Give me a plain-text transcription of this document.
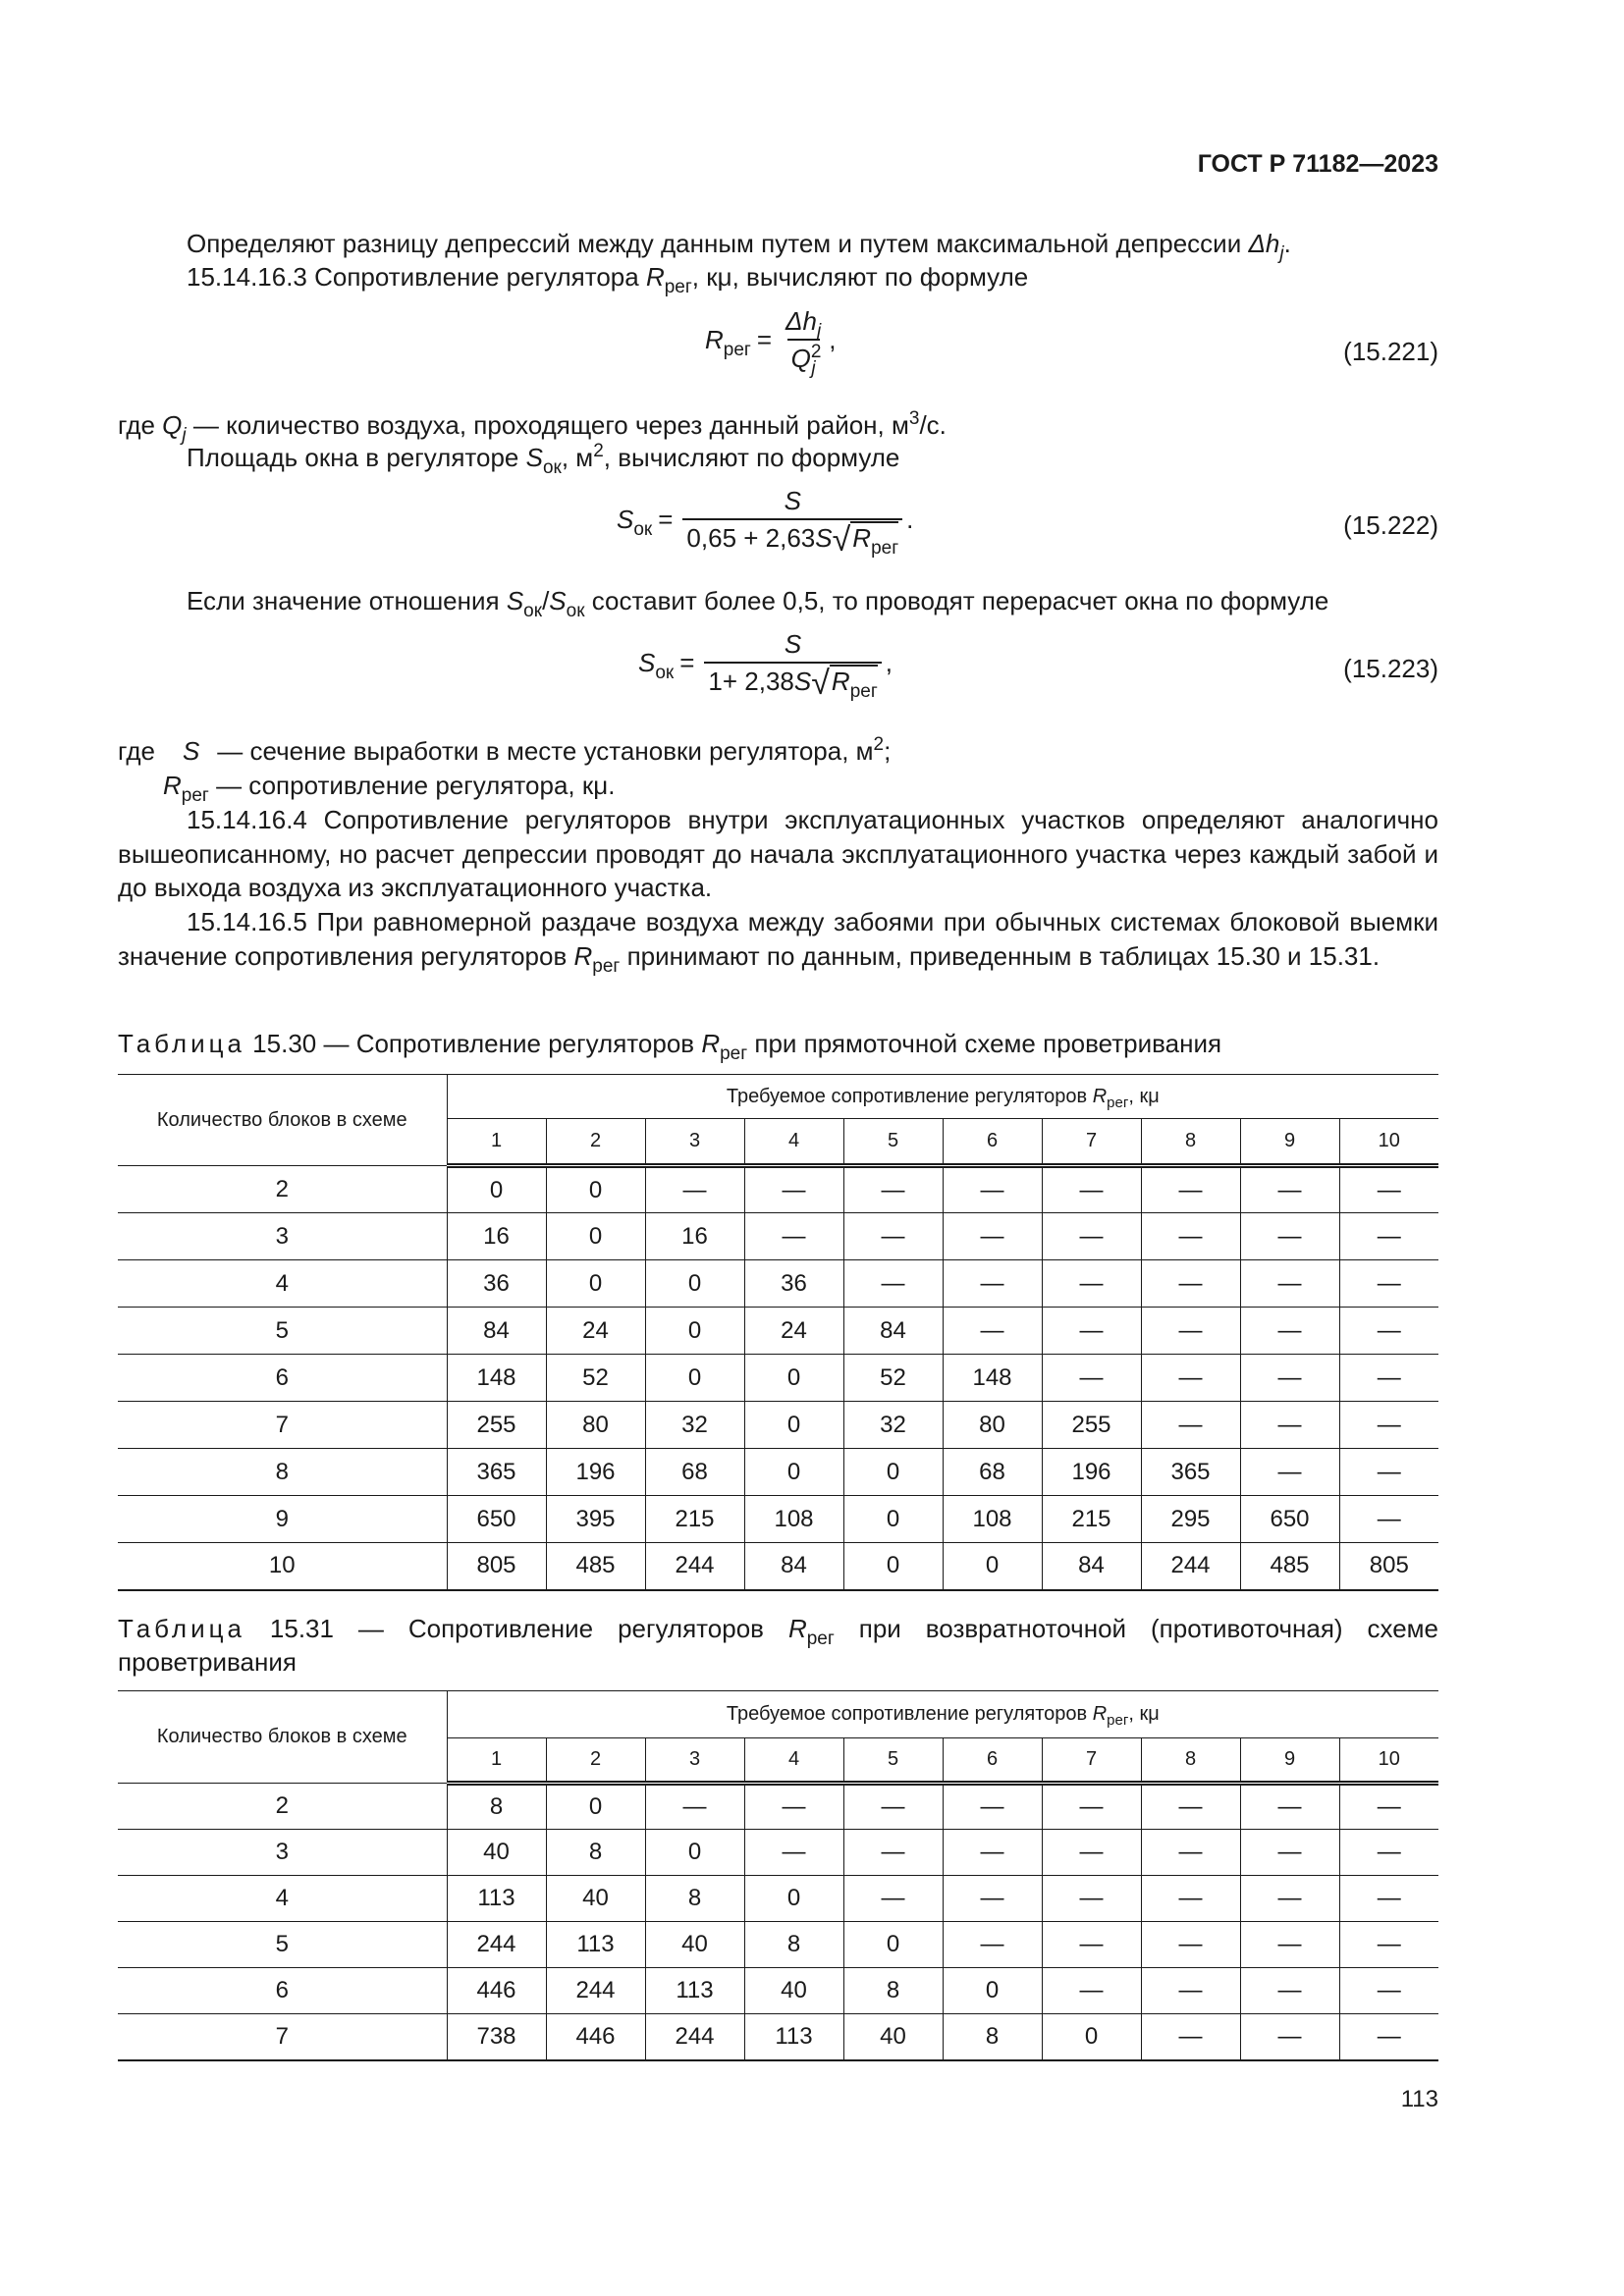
ГОСТ Р 71182—2023
Определяют разницу депрессий между данным путем и путем максимальной депрессии $\Delta h_j$.
15.14.16.3 Сопротивление регулятора $R_{рег}$, кμ, вычисляют по формуле
$R_{рег} = \frac{\Delta h_j}{Q^2_j}$ ,	(15.221)
где $Q_j$ — количество воздуха, проходящего через данный район, $м^3/с$.
Площадь окна в регуляторе $S_{ок}$, $м^2$, вычисляют по формуле
$S_{ок} = \frac{S}{0,65 + 2,63S√R_{рег}}$ .	(15.222)
Если значение отношения $S_{ок}/S_{ок}$ составит более 0,5, то проводят перерасчет окна по формуле
$S_{ок} = \frac{S}{1+ 2,38S√R_{рег}}$ ,	(15.223)
где S — сечение выработки в месте установки регулятора, $м^2$;
$R_{рег}$ — сопротивление регулятора, кμ.
15.14.16.4 Сопротивление регуляторов внутри эксплуатационных участков определяют аналогично вышеописанному, но расчет депрессии проводят до начала эксплуатационного участка через каждый забой и до выхода воздуха из эксплуатационного участка.
15.14.16.5 При равномерной раздаче воздуха между забоями при обычных системах блоковой выемки значение сопротивления регуляторов $R_{рег}$ принимают по данным, приведенным в таблицах 15.30 и 15.31.
Таблица 15.30 — Сопротивление регуляторов $R_{рег}$ при прямоточной схеме проветривания
Количество блоков в схеме	Требуемое сопротивление регуляторов $R_{рег}$, кμ									
	1	2	3	4	5	6	7	8	9	10
2	0	0	—	—	—	—	—	—	—	—
3	16	0	16	—	—	—	—	—	—	—
4	36	0	0	36	—	—	—	—	—	—
5	84	24	0	24	84	—	—	—	—	—
6	148	52	0	0	52	148	—	—	—	—
7	255	80	32	0	32	80	255	—	—	—
8	365	196	68	0	0	68	196	365	—	—
9	650	395	215	108	0	108	215	295	650	—
10	805	485	244	84	0	0	84	244	485	805
Таблица 15.31 — Сопротивление регуляторов $R_{рег}$ при возвратноточной (противоточная) схеме проветривания
Количество блоков в схеме	Требуемое сопротивление регуляторов $R_{рег}$, кμ									
	1	2	3	4	5	6	7	8	9	10
2	8	0	—	—	—	—	—	—	—	—
3	40	8	0	—	—	—	—	—	—	—
4	113	40	8	0	—	—	—	—	—	—
5	244	113	40	8	0	—	—	—	—	—
6	446	244	113	40	8	0	—	—	—	—
7	738	446	244	113	40	8	0	—	—	—
113
